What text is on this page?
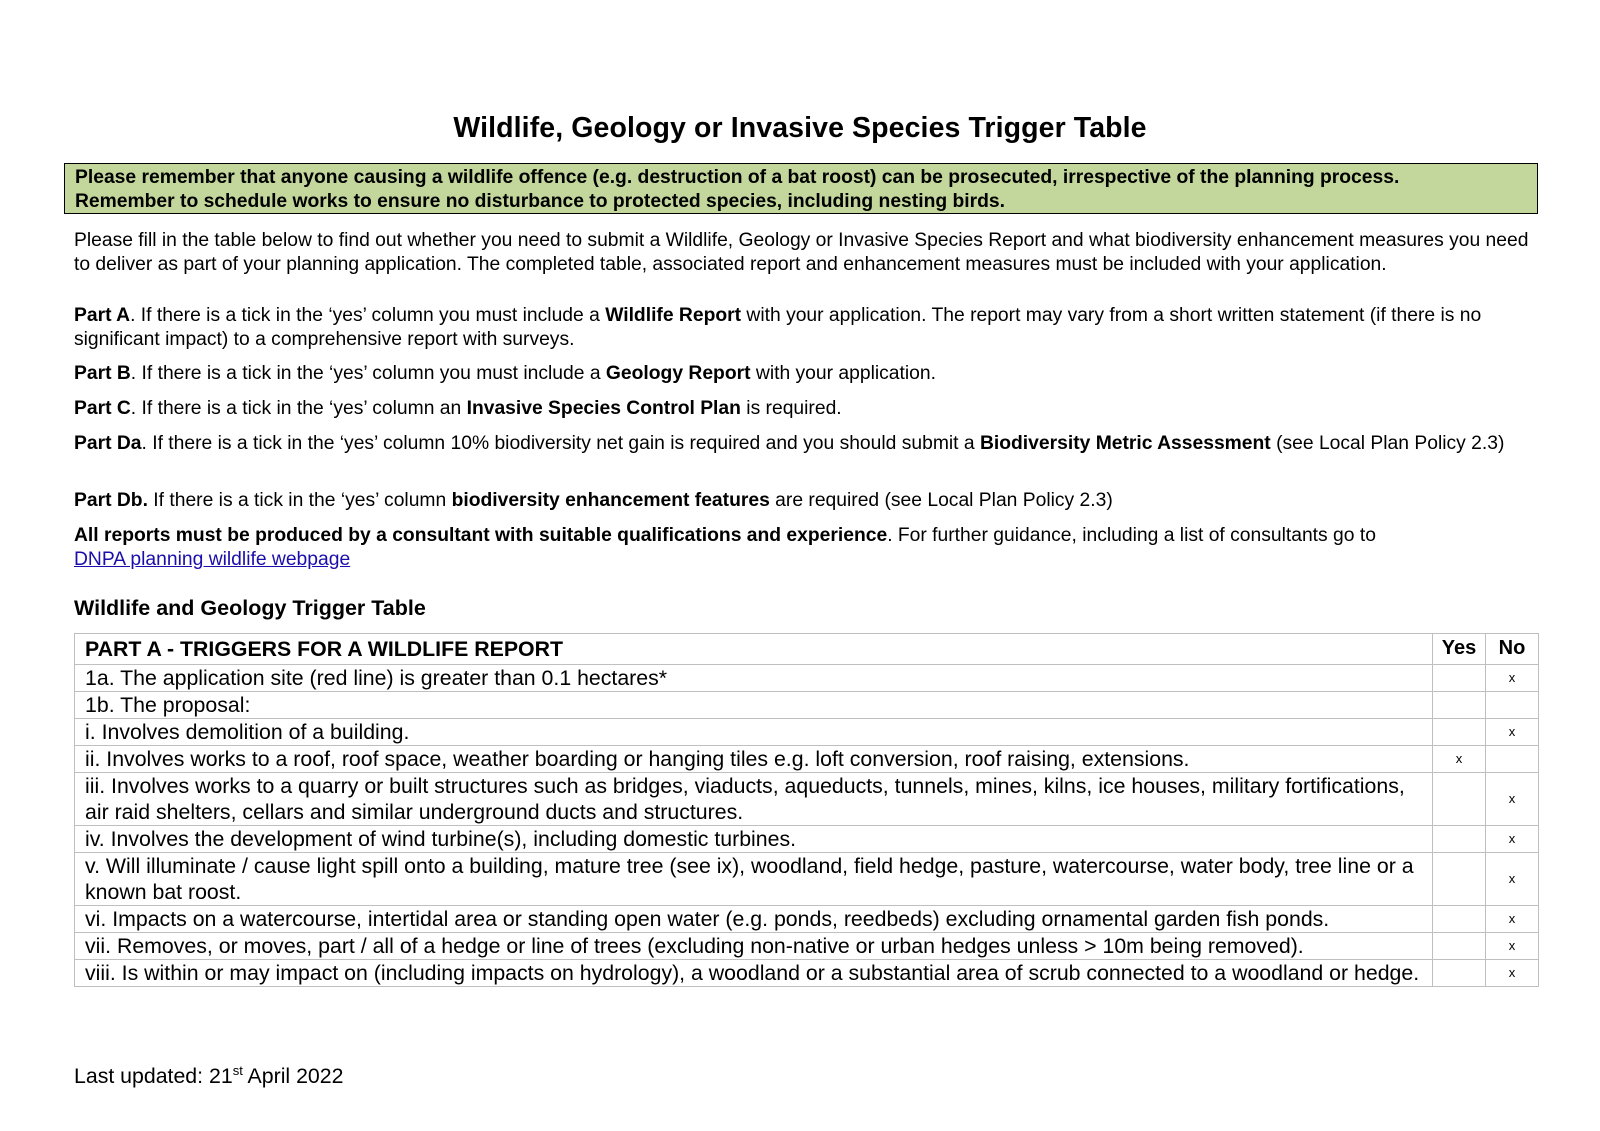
Wildlife, Geology or Invasive Species Trigger Table
Please remember that anyone causing a wildlife offence (e.g. destruction of a bat roost) can be prosecuted, irrespective of the planning process.
Remember to schedule works to ensure no disturbance to protected species, including nesting birds.
Please fill in the table below to find out whether you need to submit a Wildlife, Geology or Invasive Species Report and what biodiversity enhancement measures you need to deliver as part of your planning application. The completed table, associated report and enhancement measures must be included with your application.
Part A. If there is a tick in the ‘yes’ column you must include a Wildlife Report with your application. The report may vary from a short written statement (if there is no significant impact) to a comprehensive report with surveys.
Part B. If there is a tick in the ‘yes’ column you must include a Geology Report with your application.
Part C. If there is a tick in the ‘yes’ column an Invasive Species Control Plan is required.
Part Da. If there is a tick in the ‘yes’ column 10% biodiversity net gain is required and you should submit a Biodiversity Metric Assessment (see Local Plan Policy 2.3)
Part Db. If there is a tick in the ‘yes’ column biodiversity enhancement features are required (see Local Plan Policy 2.3)
All reports must be produced by a consultant with suitable qualifications and experience. For further guidance, including a list of consultants go to
DNPA planning wildlife webpage
Wildlife and Geology Trigger Table
PART A - TRIGGERS FOR A WILDLIFE REPORT	Yes	No
1a. The application site (red line) is greater than 0.1 hectares*		x
1b. The proposal:		
i. Involves demolition of a building.		x
ii. Involves works to a roof, roof space, weather boarding or hanging tiles e.g. loft conversion, roof raising, extensions.	x	
iii. Involves works to a quarry or built structures such as bridges, viaducts, aqueducts, tunnels, mines, kilns, ice houses, military fortifications, air raid shelters, cellars and similar underground ducts and structures.		x
iv. Involves the development of wind turbine(s), including domestic turbines.		x
v. Will illuminate / cause light spill onto a building, mature tree (see ix), woodland, field hedge, pasture, watercourse, water body, tree line or a known bat roost.		x
vi. Impacts on a watercourse, intertidal area or standing open water (e.g. ponds, reedbeds) excluding ornamental garden fish ponds.		x
vii. Removes, or moves, part / all of a hedge or line of trees (excluding non-native or urban hedges unless > 10m being removed).		x
viii. Is within or may impact on (including impacts on hydrology), a woodland or a substantial area of scrub connected to a woodland or hedge.		x
Last updated: 21st April 2022
